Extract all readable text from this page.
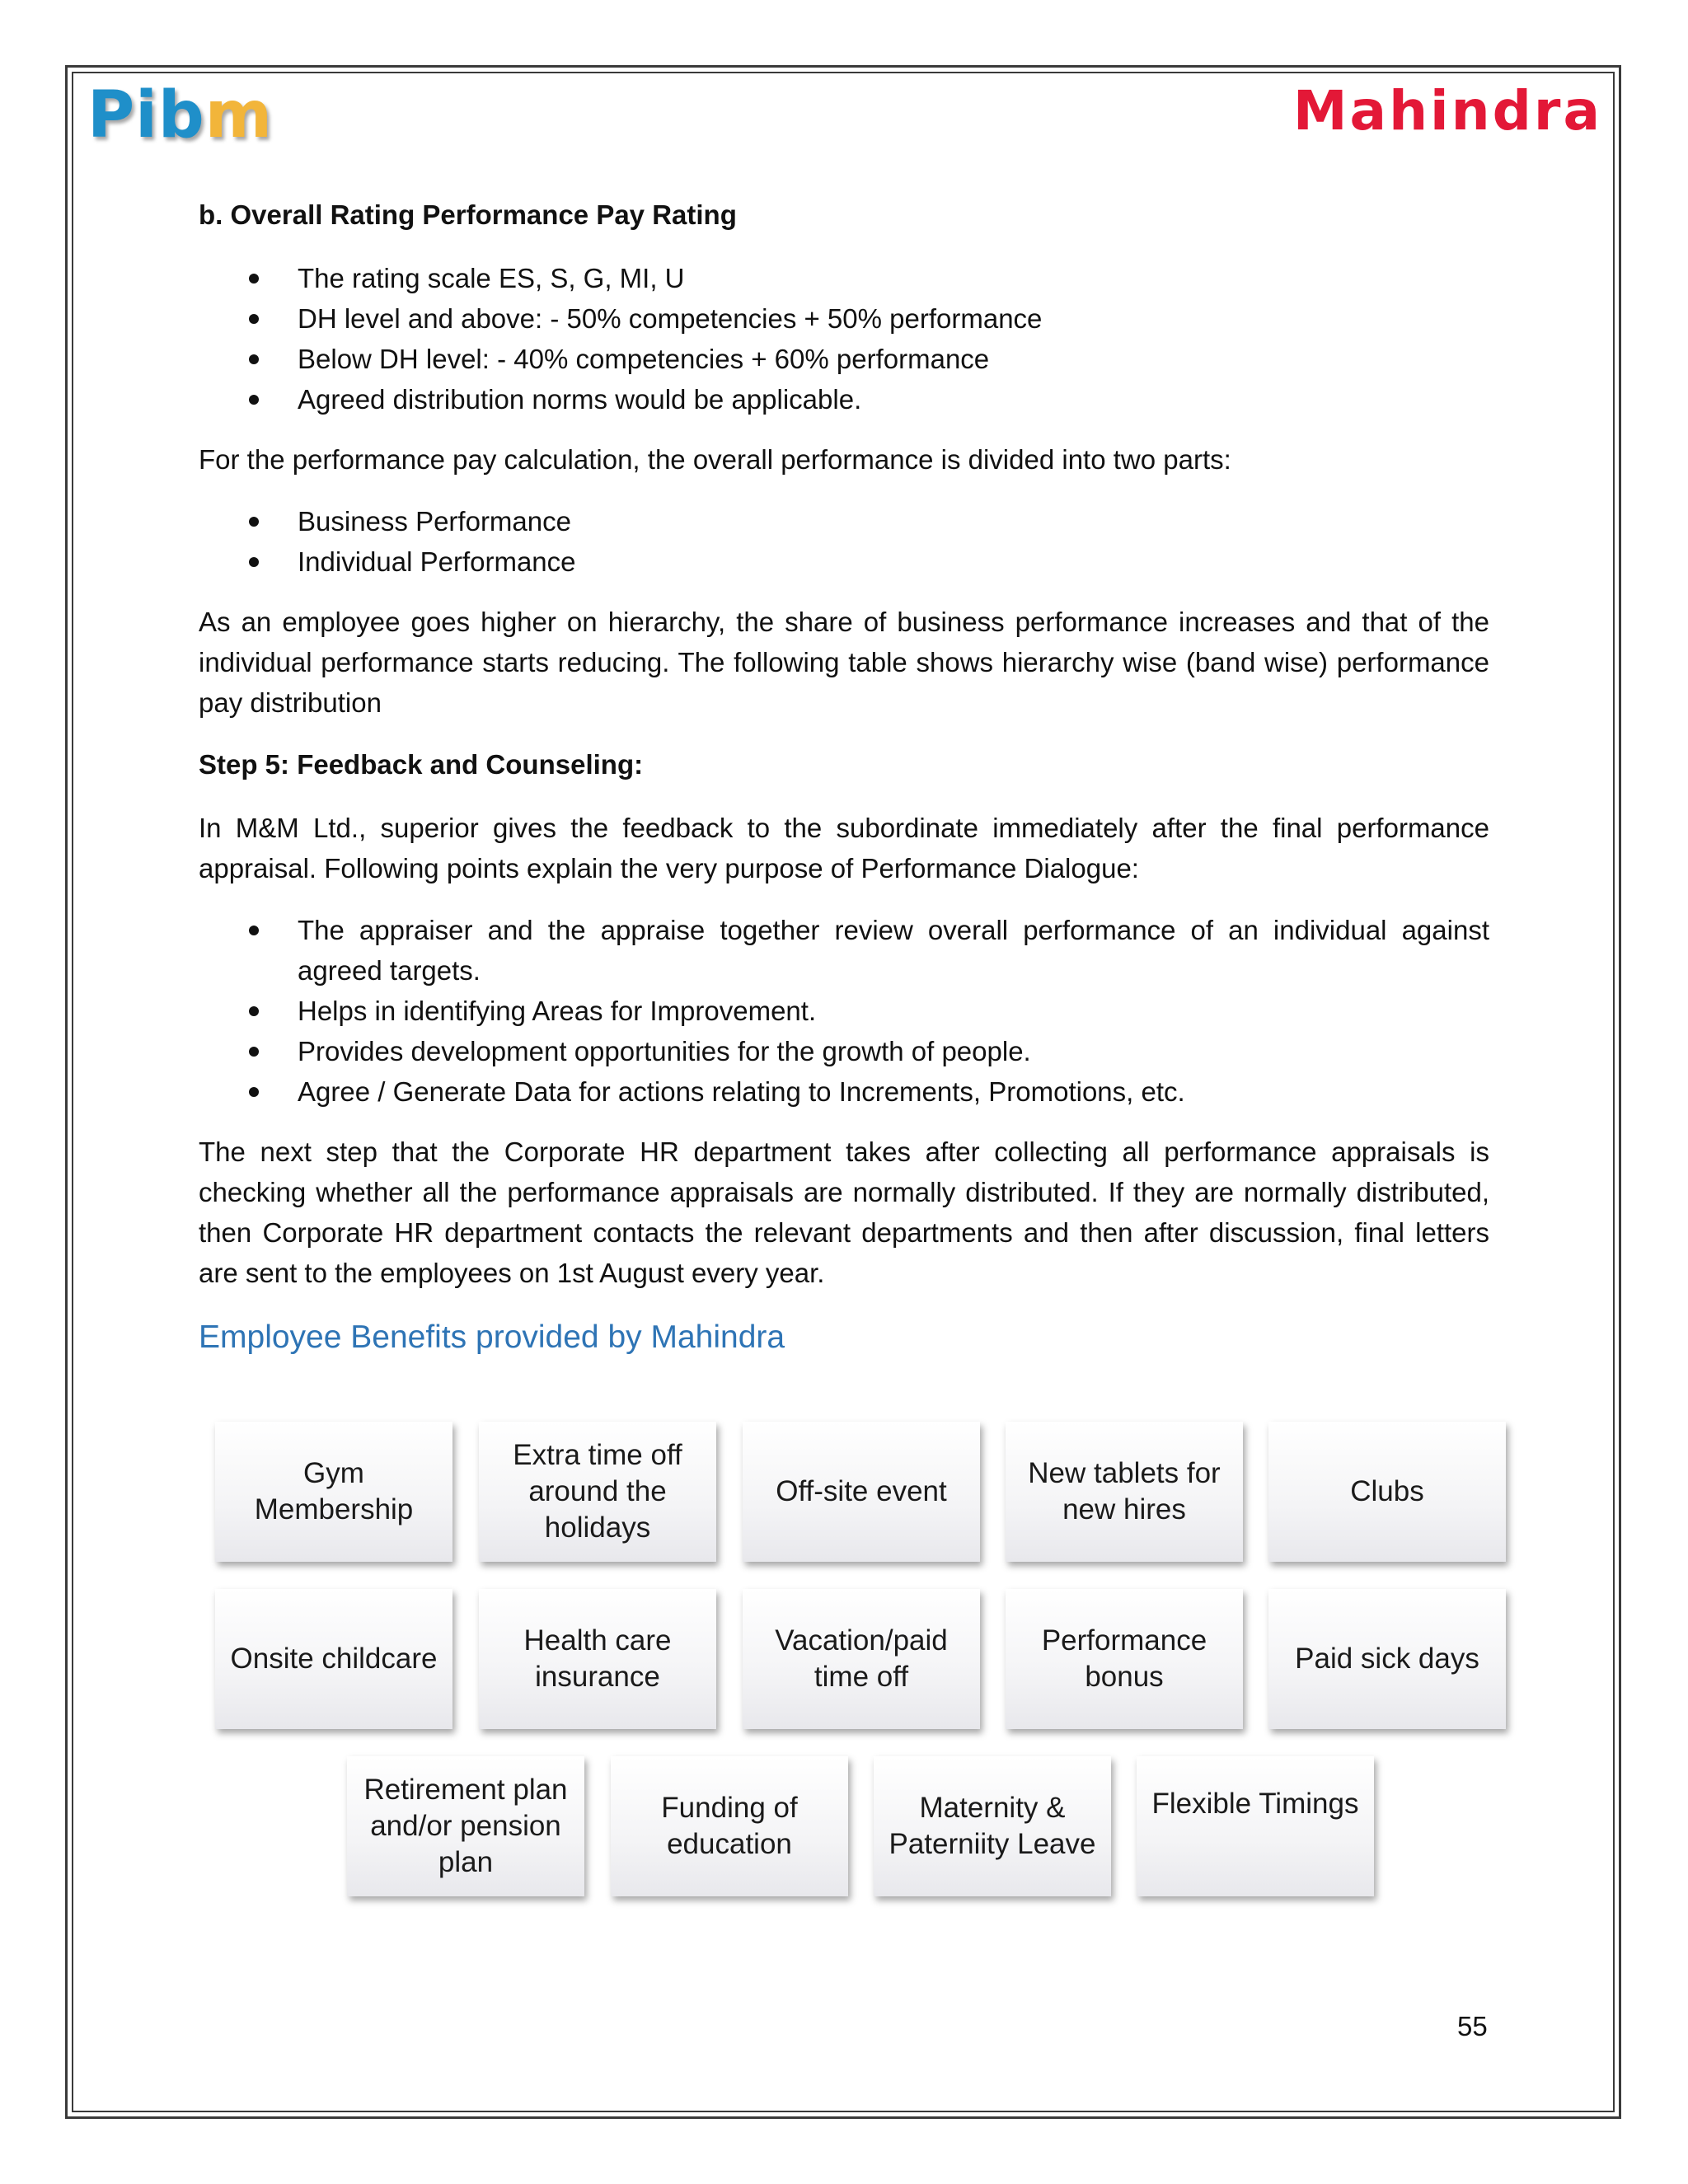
Pibm	Mahindra
b. Overall Rating Performance Pay Rating
The rating scale ES, S, G, MI, U
DH level and above: - 50% competencies + 50% performance
Below DH level: - 40% competencies + 60% performance
Agreed distribution norms would be applicable.

For the performance pay calculation, the overall performance is divided into two parts:

Business Performance
Individual Performance

As an employee goes higher on hierarchy, the share of business performance increases and that of the individual performance starts reducing. The following table shows hierarchy wise (band wise) performance pay distribution

Step 5: Feedback and Counseling:

In M&M Ltd., superior gives the feedback to the subordinate immediately after the final performance appraisal. Following points explain the very purpose of Performance Dialogue:

The appraiser and the appraise together review overall performance of an individual against agreed targets.
Helps in identifying Areas for Improvement.
Provides development opportunities for the growth of people.
Agree / Generate Data for actions relating to Increments, Promotions, etc.

The next step that the Corporate HR department takes after collecting all performance appraisals is checking whether all the performance appraisals are normally distributed. If they are normally distributed, then Corporate HR department contacts the relevant departments and then after discussion, final letters are sent to the employees on 1st August every year.

Employee Benefits provided by Mahindra
Gym Membership
Extra time off around the holidays
Off-site event
New tablets for new hires
Clubs
Onsite childcare
Health care insurance
Vacation/paid time off
Performance bonus
Paid sick days
Retirement plan and/or pension plan
Funding of education
Maternity & Paterniity Leave
Flexible Timings
55
